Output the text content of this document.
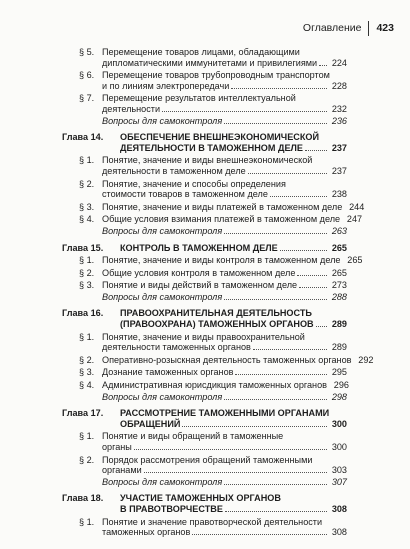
Оглавление	423
§ 5. Перемещение товаров лицами, обладающими
дипломатическими иммунитетами и привилегиями	224
§ 6. Перемещение товаров трубопроводным транспортом
и по линиям электропередачи	228
§ 7. Перемещение результатов интеллектуальной
деятельности	232
Вопросы для самоконтроля	236
Глава 14. ОБЕСПЕЧЕНИЕ ВНЕШНЕЭКОНОМИЧЕСКОЙ
ДЕЯТЕЛЬНОСТИ В ТАМОЖЕННОМ ДЕЛЕ	237
§ 1. Понятие, значение и виды внешнеэкономической
деятельности в таможенном деле	237
§ 2. Понятие, значение и способы определения
стоимости товаров в таможенном деле	238
§ 3. Понятие, значение и виды платежей в таможенном деле 244
§ 4. Общие условия взимания платежей в таможенном деле 247
Вопросы для самоконтроля	263
Глава 15. КОНТРОЛЬ В ТАМОЖЕННОМ ДЕЛЕ	265
§ 1. Понятие, значение и виды контроля в таможенном деле 265
§ 2. Общие условия контроля в таможенном деле	265
§ 3. Понятие и виды действий в таможенном деле	273
Вопросы для самоконтроля	288
Глава 16. ПРАВООХРАНИТЕЛЬНАЯ ДЕЯТЕЛЬНОСТЬ
(ПРАВООХРАНА) ТАМОЖЕННЫХ ОРГАНОВ	289
§ 1. Понятие, значение и виды правоохранительной
деятельности таможенных органов	289
§ 2. Оперативно-розыскная деятельность таможенных органов 292
§ 3. Дознание таможенных органов	295
§ 4. Административная юрисдикция таможенных органов 296
Вопросы для самоконтроля	298
Глава 17. РАССМОТРЕНИЕ ТАМОЖЕННЫМИ ОРГАНАМИ
ОБРАЩЕНИЙ	300
§ 1. Понятие и виды обращений в таможенные
органы	300
§ 2. Порядок рассмотрения обращений таможенными
органами	303
Вопросы для самоконтроля	307
Глава 18. УЧАСТИЕ ТАМОЖЕННЫХ ОРГАНОВ
В ПРАВОТВОРЧЕСТВЕ	308
§ 1. Понятие и значение правотворческой деятельности
таможенных органов	308
